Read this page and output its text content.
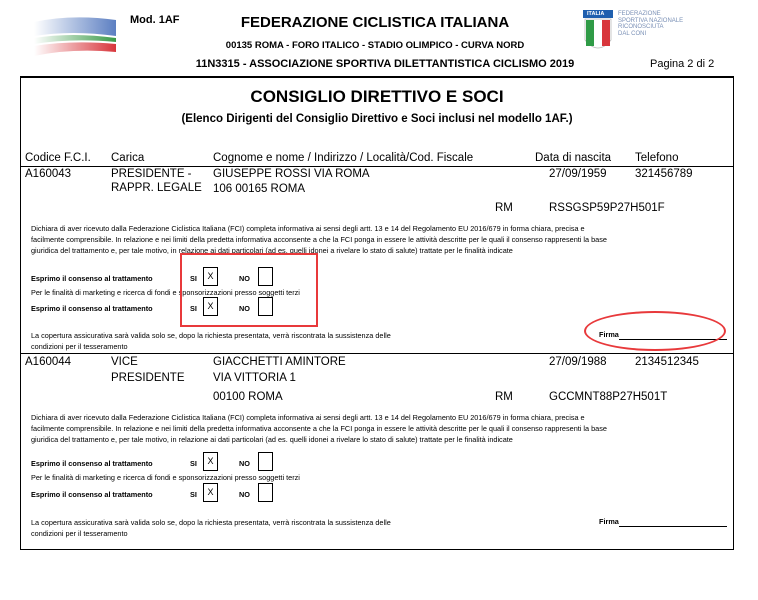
Mod. 1AF	FEDERAZIONE CICLISTICA ITALIANA
00135 ROMA - FORO ITALICO - STADIO OLIMPICO - CURVA NORD
11N3315 - ASSOCIAZIONE SPORTIVA DILETTANTISTICA CICLISMO 2019	Pagina 2 di 2
ITALIA FEDERAZIONE
SPORTIVA NAZIONALE
RICONOSCIUTA
DAL CONI
CONSIGLIO DIRETTIVO E SOCI
(Elenco Dirigenti del Consiglio Direttivo e Soci inclusi nel modello 1AF.)
Codice F.C.I. Carica	Cognome e nome / Indirizzo / Località/Cod. Fiscale	Data di nascita Telefono
A160043	PRESIDENTE -
RAPPR. LEGALE
GIUSEPPE ROSSI VIA ROMA
106 00165 ROMA
27/09/1959 321456789
RM	RSSGSP59P27H501F
Dichiara di aver ricevuto dalla Federazione Ciclistica Italiana (FCI) completa informativa ai sensi degli artt. 13 e 14 del Regolamento EU 2016/679 in forma chiara, precisa e
facilmente comprensibile. In relazione e nei limiti della predetta informativa acconsente a che la FCI ponga in essere le attività descritte per le quali il consenso rappresenti la base
giuridica del trattamento e, per tale motivo, in relazione ai dati particolari (ad es. quelli idonei a rivelare lo stato di salute) trattate per le finalità indicate
Esprimo il consenso al trattamento	SI	X	NO
Per le finalità di marketing e ricerca di fondi e sponsorizzazioni presso soggetti terzi
Esprimo il consenso al trattamento	SI	X	NO
La copertura assicurativa sarà valida solo se, dopo la richiesta presentata, verrà riscontrata la sussistenza delle
condizioni per il tesseramento
Firma
A160044	VICE
PRESIDENTE
GIACCHETTI AMINTORE
VIA VITTORIA 1
00100 ROMA
27/09/1988 2134512345
RM	GCCMNT88P27H501T
Dichiara di aver ricevuto dalla Federazione Ciclistica Italiana (FCI) completa informativa ai sensi degli artt. 13 e 14 del Regolamento EU 2016/679 in forma chiara, precisa e
facilmente comprensibile. In relazione e nei limiti della predetta informativa acconsente a che la FCI ponga in essere le attività descritte per le quali il consenso rappresenti la base
giuridica del trattamento e, per tale motivo, in relazione ai dati particolari (ad es. quelli idonei a rivelare lo stato di salute) trattate per le finalità indicate
Esprimo il consenso al trattamento	SI	X	NO
Per le finalità di marketing e ricerca di fondi e sponsorizzazioni presso soggetti terzi
Esprimo il consenso al trattamento	SI	X	NO
La copertura assicurativa sarà valida solo se, dopo la richiesta presentata, verrà riscontrata la sussistenza delle
condizioni per il tesseramento
Firma
